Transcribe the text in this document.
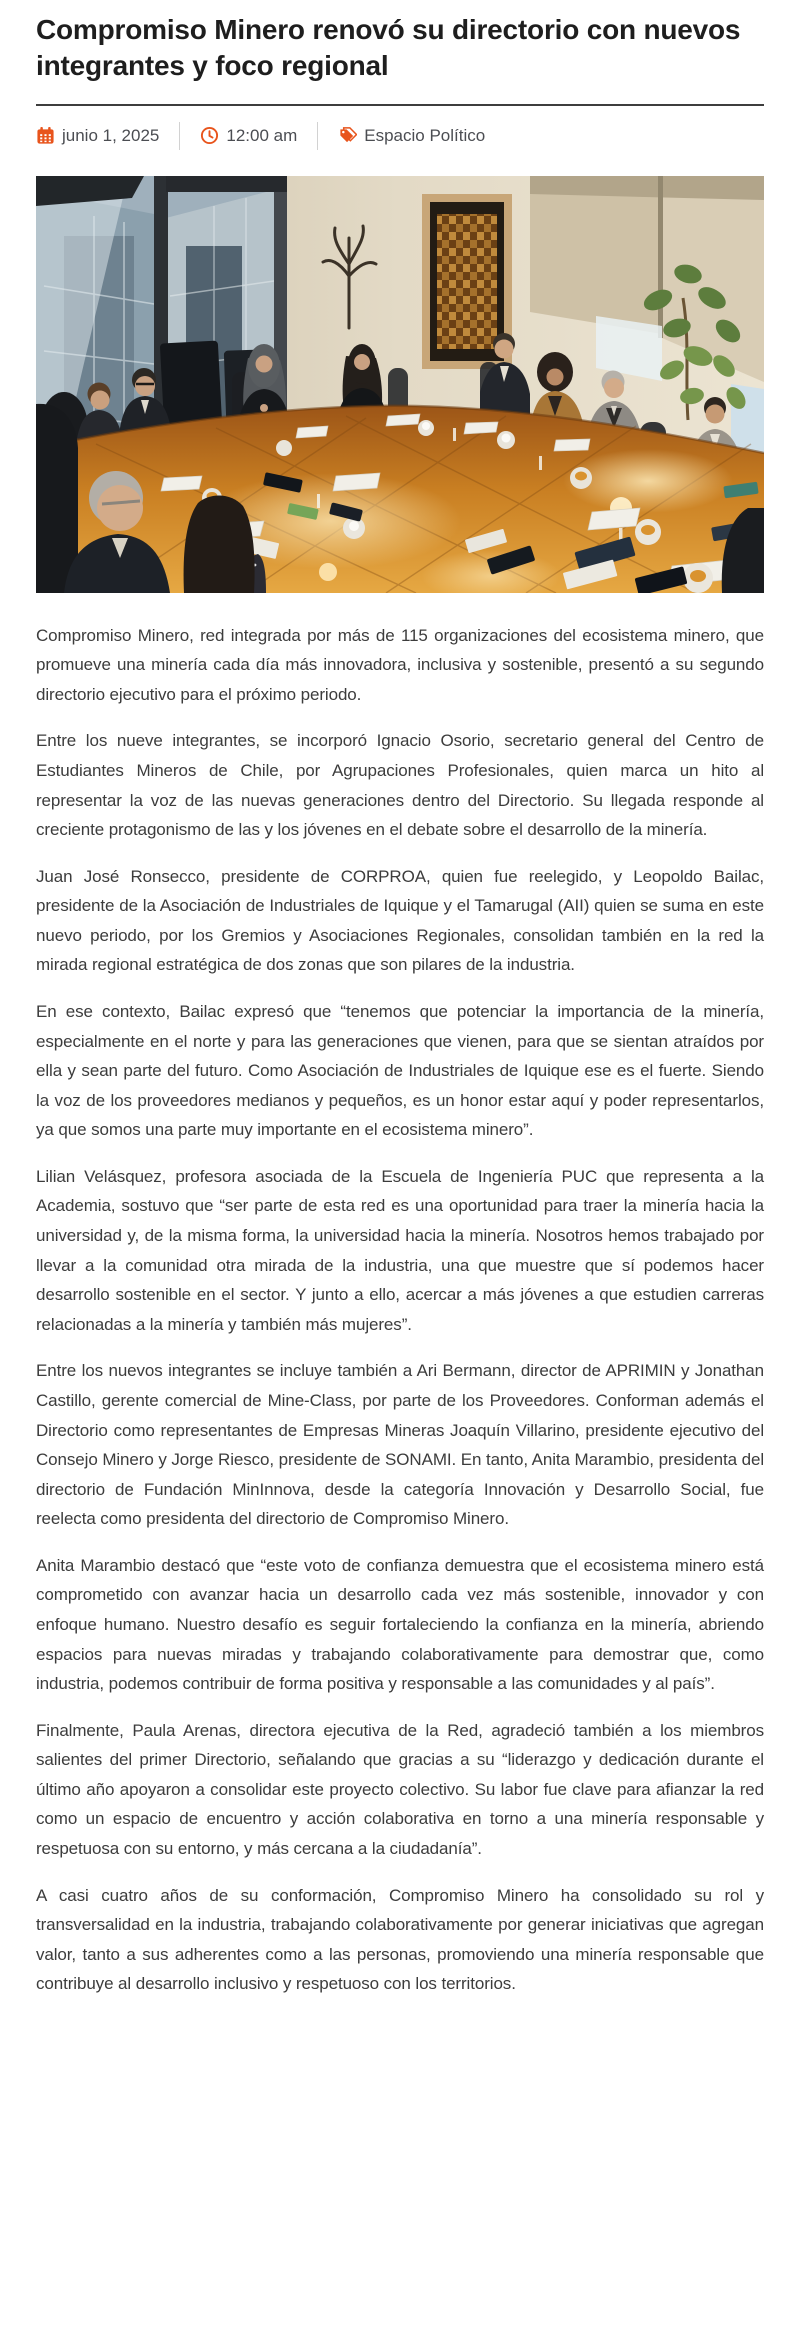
Compromiso Minero renovó su directorio con nuevos integrantes y foco regional
junio 1, 2025	12:00 am	Espacio Político

Compromiso Minero, red integrada por más de 115 organizaciones del ecosistema minero, que promueve una minería cada día más innovadora, inclusiva y sostenible, presentó a su segundo directorio ejecutivo para el próximo periodo.

Entre los nueve integrantes, se incorporó Ignacio Osorio, secretario general del Centro de Estudiantes Mineros de Chile, por Agrupaciones Profesionales, quien marca un hito al representar la voz de las nuevas generaciones dentro del Directorio. Su llegada responde al creciente protagonismo de las y los jóvenes en el debate sobre el desarrollo de la minería.

Juan José Ronsecco, presidente de CORPROA, quien fue reelegido, y Leopoldo Bailac, presidente de la Asociación de Industriales de Iquique y el Tamarugal (AII) quien se suma en este nuevo periodo, por los Gremios y Asociaciones Regionales, consolidan también en la red la mirada regional estratégica de dos zonas que son pilares de la industria.

En ese contexto, Bailac expresó que “tenemos que potenciar la importancia de la minería, especialmente en el norte y para las generaciones que vienen, para que se sientan atraídos por ella y sean parte del futuro. Como Asociación de Industriales de Iquique ese es el fuerte. Siendo la voz de los proveedores medianos y pequeños, es un honor estar aquí y poder representarlos, ya que somos una parte muy importante en el ecosistema minero”.

Lilian Velásquez, profesora asociada de la Escuela de Ingeniería PUC que representa a la Academia, sostuvo que “ser parte de esta red es una oportunidad para traer la minería hacia la universidad y, de la misma forma, la universidad hacia la minería. Nosotros hemos trabajado por llevar a la comunidad otra mirada de la industria, una que muestre que sí podemos hacer desarrollo sostenible en el sector. Y junto a ello, acercar a más jóvenes a que estudien carreras relacionadas a la minería y también más mujeres”.

Entre los nuevos integrantes se incluye también a Ari Bermann, director de APRIMIN y Jonathan Castillo, gerente comercial de Mine-Class, por parte de los Proveedores. Conforman además el Directorio como representantes de Empresas Mineras Joaquín Villarino, presidente ejecutivo del Consejo Minero y Jorge Riesco, presidente de SONAMI. En tanto, Anita Marambio, presidenta del directorio de Fundación MinInnova, desde la categoría Innovación y Desarrollo Social, fue reelecta como presidenta del directorio de Compromiso Minero.

Anita Marambio destacó que “este voto de confianza demuestra que el ecosistema minero está comprometido con avanzar hacia un desarrollo cada vez más sostenible, innovador y con enfoque humano. Nuestro desafío es seguir fortaleciendo la confianza en la minería, abriendo espacios para nuevas miradas y trabajando colaborativamente para demostrar que, como industria, podemos contribuir de forma positiva y responsable a las comunidades y al país”.

Finalmente, Paula Arenas, directora ejecutiva de la Red, agradeció también a los miembros salientes del primer Directorio, señalando que gracias a su “liderazgo y dedicación durante el último año apoyaron a consolidar este proyecto colectivo. Su labor fue clave para afianzar la red como un espacio de encuentro y acción colaborativa en torno a una minería responsable y respetuosa con su entorno, y más cercana a la ciudadanía”.

A casi cuatro años de su conformación, Compromiso Minero ha consolidado su rol y transversalidad en la industria, trabajando colaborativamente por generar iniciativas que agregan valor, tanto a sus adherentes como a las personas, promoviendo una minería responsable que contribuye al desarrollo inclusivo y respetuoso con los territorios.
